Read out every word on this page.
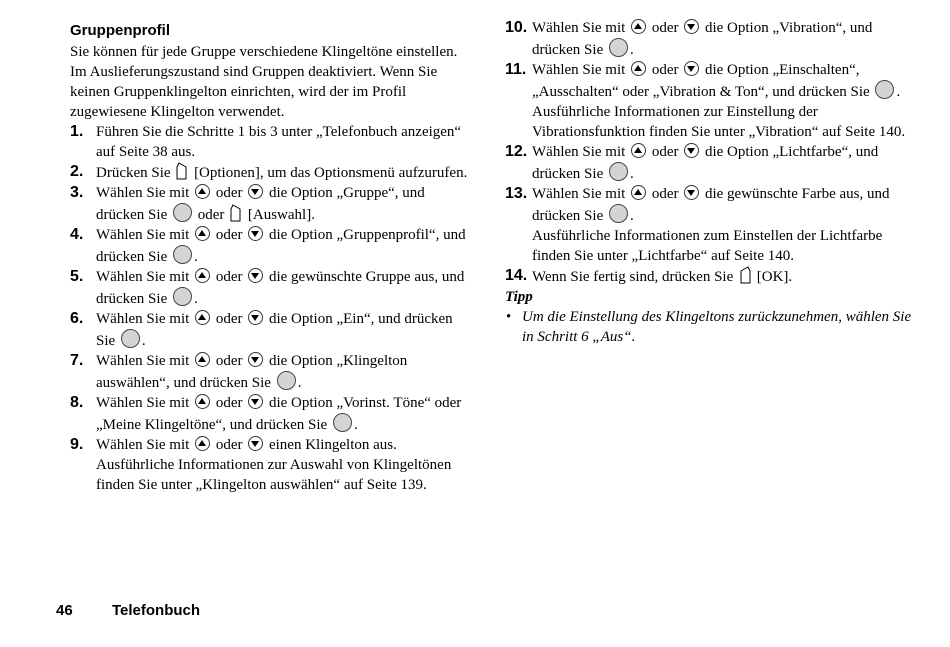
Gruppenprofil

Sie können für jede Gruppe verschiedene Klingeltöne einstellen.

Im Auslieferungszustand sind Gruppen deaktiviert. Wenn Sie keinen Gruppenklingelton einrichten, wird der im Profil zugewiesene Klingelton verwendet.

1. Führen Sie die Schritte 1 bis 3 unter „Telefonbuch anzeigen“ auf Seite 38 aus.
2. Drücken Sie [Optionen], um das Optionsmenü aufzurufen.
3. Wählen Sie mit oder die Option „Gruppe“, und drücken Sie oder [Auswahl].
4. Wählen Sie mit oder die Option „Gruppenprofil“, und drücken Sie .
5. Wählen Sie mit oder die gewünschte Gruppe aus, und drücken Sie .
6. Wählen Sie mit oder die Option „Ein“, und drücken Sie .
7. Wählen Sie mit oder die Option „Klingelton auswählen“, und drücken Sie .
8. Wählen Sie mit oder die Option „Vorinst. Töne“ oder „Meine Klingeltöne“, und drücken Sie .
9. Wählen Sie mit oder einen Klingelton aus.
Ausführliche Informationen zur Auswahl von Klingeltönen finden Sie unter „Klingelton auswählen“ auf Seite 139.
10. Wählen Sie mit oder die Option „Vibration“, und drücken Sie .
11. Wählen Sie mit oder die Option „Einschalten“, „Ausschalten“ oder „Vibration & Ton“, und drücken Sie .
Ausführliche Informationen zur Einstellung der Vibrationsfunktion finden Sie unter „Vibration“ auf Seite 140.
12. Wählen Sie mit oder die Option „Lichtfarbe“, und drücken Sie .
13. Wählen Sie mit oder die gewünschte Farbe aus, und drücken Sie .
Ausführliche Informationen zum Einstellen der Lichtfarbe finden Sie unter „Lichtfarbe“ auf Seite 140.
14. Wenn Sie fertig sind, drücken Sie [OK].
Tipp
• Um die Einstellung des Klingeltons zurückzunehmen, wählen Sie in Schritt 6 „Aus“.
46	Telefonbuch
